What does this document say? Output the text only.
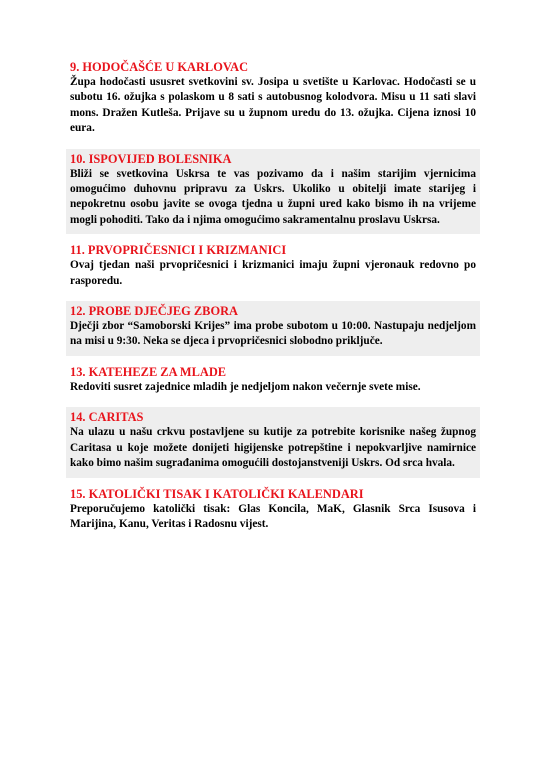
9. HODOČAŠĆE U KARLOVAC

Župa hodočasti ususret svetkovini sv. Josipa u svetište u Karlovac. Hodočasti se u subotu 16. ožujka s polaskom u 8 sati s autobusnog kolodvora. Misu u 11 sati slavi mons. Dražen Kutleša. Prijave su u župnom uredu do 13. ožujka. Cijena iznosi 10 eura.

10. ISPOVIJED BOLESNIKA

Bliži se svetkovina Uskrsa te vas pozivamo da i našim starijim vjernicima omogućimo duhovnu pripravu za Uskrs. Ukoliko u obitelji imate starijeg i nepokretnu osobu javite se ovoga tjedna u župni ured kako bismo ih na vrijeme mogli pohoditi. Tako da i njima omogućimo sakramentalnu proslavu Uskrsa.

11. PRVOPRIČESNICI I KRIZMANICI

Ovaj tjedan naši prvopričesnici i krizmanici imaju župni vjeronauk redovno po rasporedu.

12. PROBE DJEČJEG ZBORA

Dječji zbor “Samoborski Krijes” ima probe subotom u 10:00. Nastupaju nedjeljom na misi u 9:30. Neka se djeca i prvopričesnici slobodno priključe.

13. KATEHEZE ZA MLADE

Redoviti susret zajednice mladih je nedjeljom nakon večernje svete mise.

14. CARITAS

Na ulazu u našu crkvu postavljene su kutije za potrebite korisnike našeg župnog Caritasa u koje možete donijeti higijenske potrepštine i nepokvarljive namirnice kako bimo našim sugrađanima omogućili dostojanstveniji Uskrs. Od srca hvala.

15. KATOLIČKI TISAK I KATOLIČKI KALENDARI

Preporučujemo katolički tisak: Glas Koncila, MaK, Glasnik Srca Isusova i Marijina, Kanu, Veritas i Radosnu vijest.
